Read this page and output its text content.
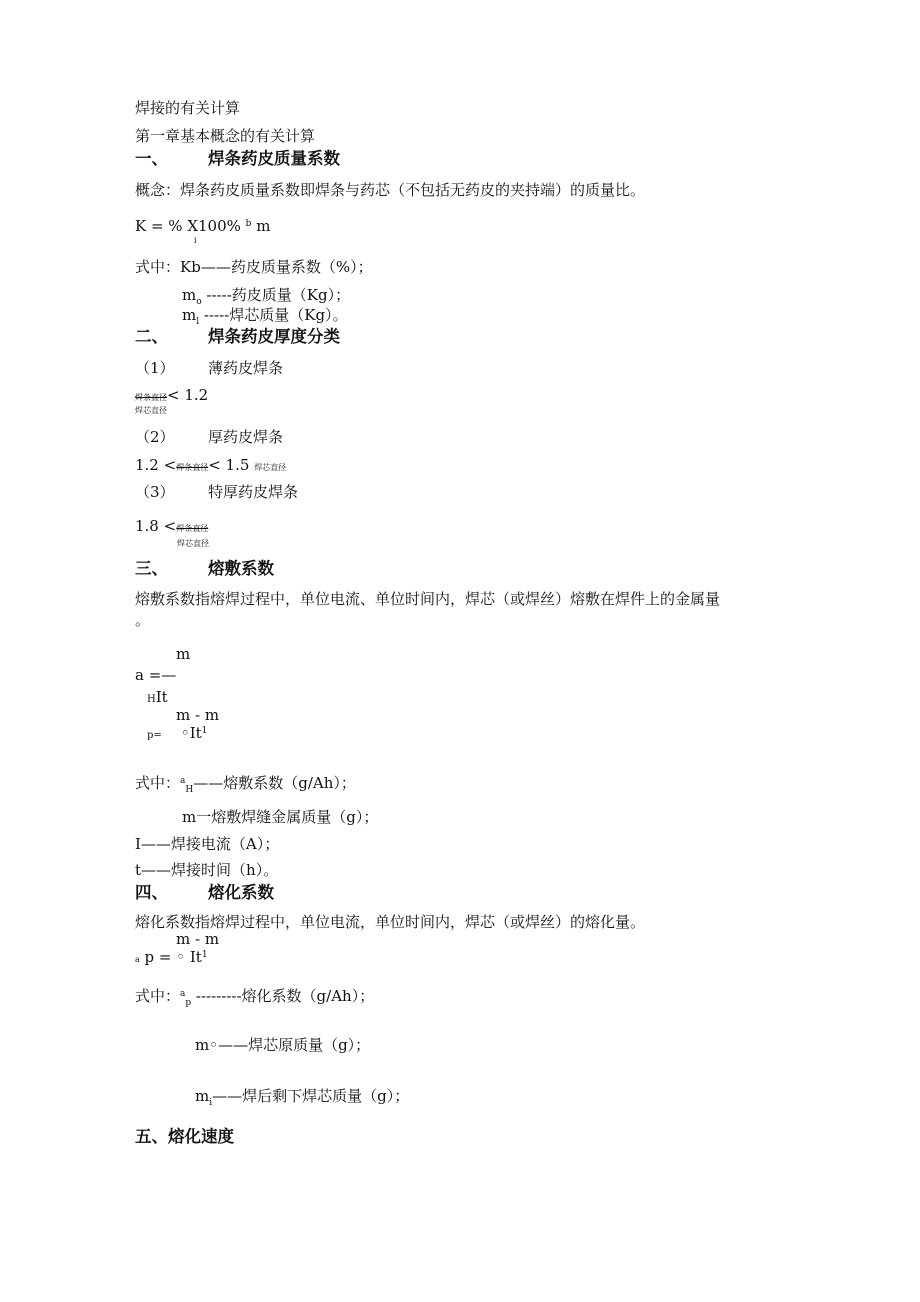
焊接的有关计算
第一章基本概念的有关计算
一、 焊条药皮质量系数
概念：焊条药皮质量系数即焊条与药芯（不包括无药皮的夹持端）的质量比。
K = % X100% $^b$ m
i
式中：Kb——药皮质量系数（%）；
$m_o$ -----药皮质量（Kg）；
$m_l$ -----焊芯质量（Kg）。
二、 焊条药皮厚度分类
（1） 薄药皮焊条
焊条直径< 1.2
焊芯直径
（2） 厚药皮焊条
1.2 <焊条直径< 1.5 焊芯直径
（3） 特厚药皮焊条
1.8 <焊条直径
焊芯直径
三、 熔敷系数
熔敷系数指熔焊过程中，单位电流、单位时间内，焊芯（或焊丝）熔敷在焊件上的金属量
。
m
a =—
HIt
m - m
$p= ◦It^1$
式中：$^a_H$——熔敷系数（g/Ah）；
m一熔敷焊缝金属质量（g）；
I——焊接电流（A）；
t——焊接时间（h）。
四、 熔化系数
熔化系数指熔焊过程中，单位电流，单位时间内，焊芯（或焊丝）的熔化量。
m - m
a p = ◦ It$^1$
式中：$^a_p$ ---------熔化系数（g/Ah）；
m◦——焊芯原质量（g）；
$m_i——$焊后剩下焊芯质量（g）；
五、熔化速度
